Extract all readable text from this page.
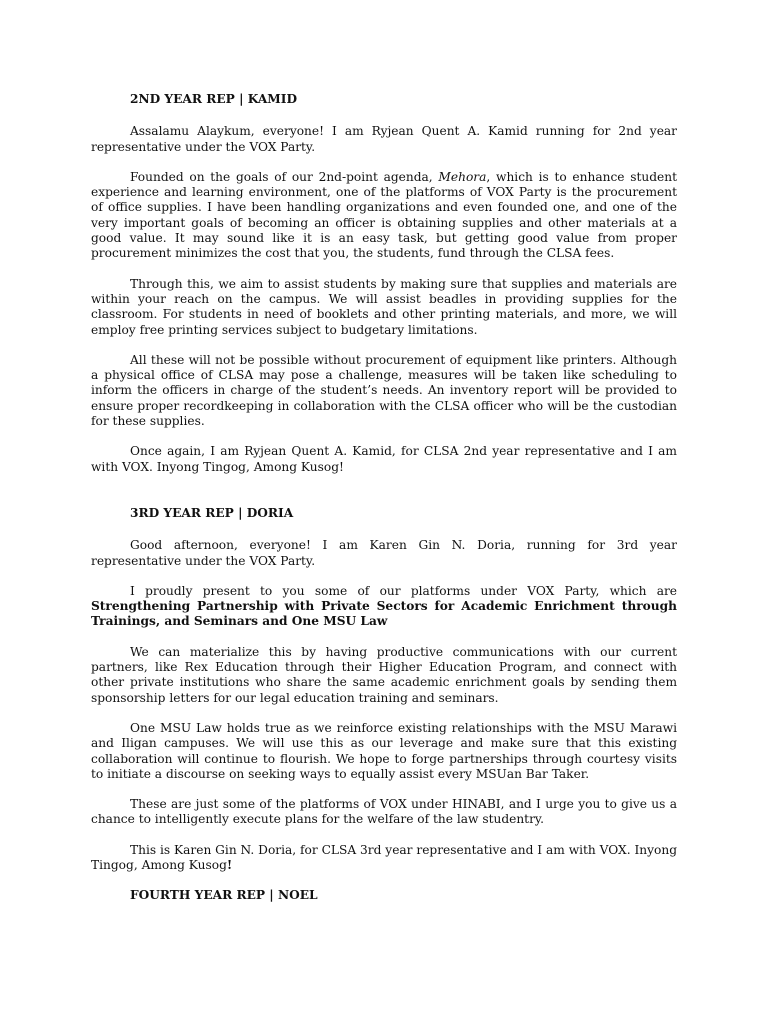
2ND YEAR REP | KAMID

Assalamu Alaykum, everyone! I am Ryjean Quent A. Kamid running for 2nd year representative under the VOX Party.

Founded on the goals of our 2nd-point agenda, Mehora, which is to enhance student experience and learning environment, one of the platforms of VOX Party is the procurement of office supplies. I have been handling organizations and even founded one, and one of the very important goals of becoming an officer is obtaining supplies and other materials at a good value. It may sound like it is an easy task, but getting good value from proper procurement minimizes the cost that you, the students, fund through the CLSA fees.

Through this, we aim to assist students by making sure that supplies and materials are within your reach on the campus. We will assist beadles in providing supplies for the classroom. For students in need of booklets and other printing materials, and more, we will employ free printing services subject to budgetary limitations.

All these will not be possible without procurement of equipment like printers. Although a physical office of CLSA may pose a challenge, measures will be taken like scheduling to inform the officers in charge of the student’s needs. An inventory report will be provided to ensure proper recordkeeping in collaboration with the CLSA officer who will be the custodian for these supplies.

Once again, I am Ryjean Quent A. Kamid, for CLSA 2nd year representative and I am with VOX. Inyong Tingog, Among Kusog!

3RD YEAR REP | DORIA

Good afternoon, everyone! I am Karen Gin N. Doria, running for 3rd year representative under the VOX Party.

I proudly present to you some of our platforms under VOX Party, which are Strengthening Partnership with Private Sectors for Academic Enrichment through Trainings, and Seminars and One MSU Law

We can materialize this by having productive communications with our current partners, like Rex Education through their Higher Education Program, and connect with other private institutions who share the same academic enrichment goals by sending them sponsorship letters for our legal education training and seminars.

One MSU Law holds true as we reinforce existing relationships with the MSU Marawi and Iligan campuses. We will use this as our leverage and make sure that this existing collaboration will continue to flourish. We hope to forge partnerships through courtesy visits to initiate a discourse on seeking ways to equally assist every MSUan Bar Taker.

These are just some of the platforms of VOX under HINABI, and I urge you to give us a chance to intelligently execute plans for the welfare of the law studentry.

This is Karen Gin N. Doria, for CLSA 3rd year representative and I am with VOX. Inyong Tingog, Among Kusog!

FOURTH YEAR REP | NOEL
